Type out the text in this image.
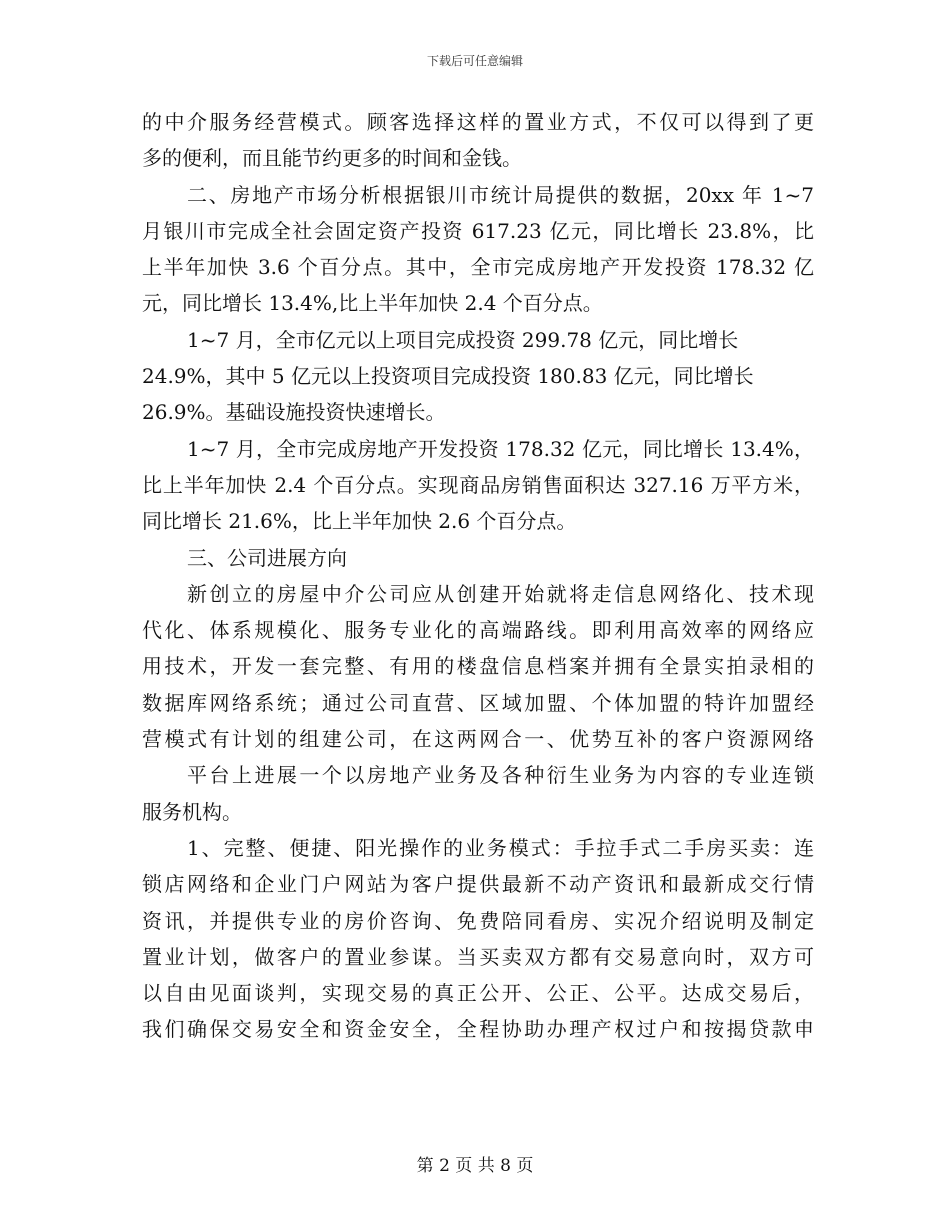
下载后可任意编辑
的中介服务经营模式。顾客选择这样的置业方式，不仅可以得到了更
多的便利，而且能节约更多的时间和金钱。
二、房地产市场分析根据银川市统计局提供的数据，20xx 年 1~7
月银川市完成全社会固定资产投资 617.23 亿元，同比增长 23.8%，比
上半年加快 3.6 个百分点。其中，全市完成房地产开发投资 178.32 亿
元，同比增长 13.4%,比上半年加快 2.4 个百分点。
1~7 月，全市亿元以上项目完成投资 299.78 亿元，同比增长
24.9%，其中 5 亿元以上投资项目完成投资 180.83 亿元，同比增长
26.9%。基础设施投资快速增长。
1~7 月，全市完成房地产开发投资 178.32 亿元，同比增长 13.4%，
比上半年加快 2.4 个百分点。实现商品房销售面积达 327.16 万平方米，
同比增长 21.6%，比上半年加快 2.6 个百分点。
三、公司进展方向
新创立的房屋中介公司应从创建开始就将走信息网络化、技术现
代化、体系规模化、服务专业化的高端路线。即利用高效率的网络应
用技术，开发一套完整、有用的楼盘信息档案并拥有全景实拍录相的
数据库网络系统；通过公司直营、区域加盟、个体加盟的特许加盟经
营模式有计划的组建公司，在这两网合一、优势互补的客户资源网络
平台上进展一个以房地产业务及各种衍生业务为内容的专业连锁
服务机构。
1、完整、便捷、阳光操作的业务模式：手拉手式二手房买卖：连
锁店网络和企业门户网站为客户提供最新不动产资讯和最新成交行情
资讯，并提供专业的房价咨询、免费陪同看房、实况介绍说明及制定
置业计划，做客户的置业参谋。当买卖双方都有交易意向时，双方可
以自由见面谈判，实现交易的真正公开、公正、公平。达成交易后，
我们确保交易安全和资金安全，全程协助办理产权过户和按揭贷款申
第 2 页 共 8 页
